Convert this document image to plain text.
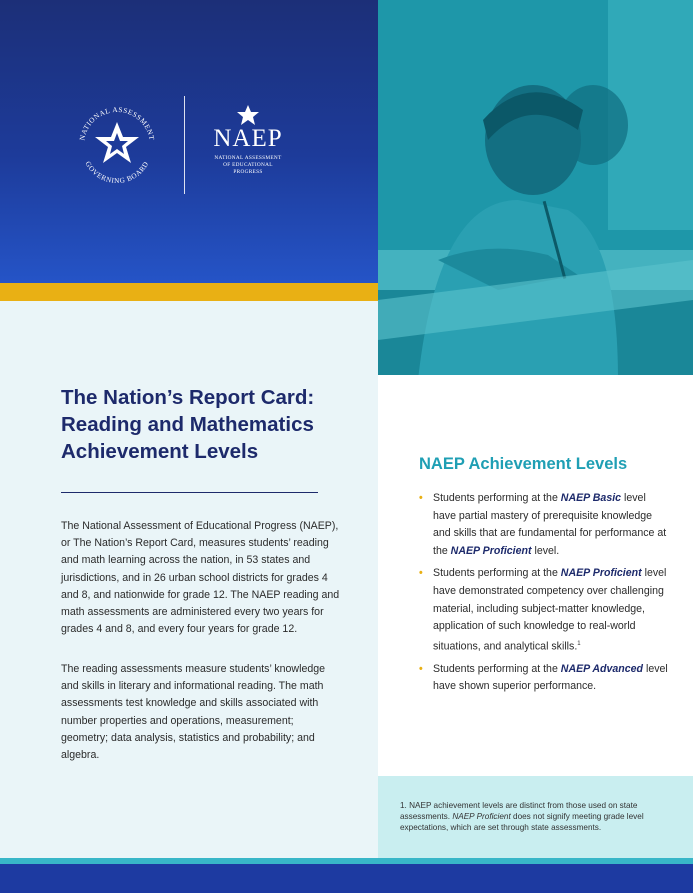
NATIONAL ASSESSMENT
GOVERNING BOARD
NAEP
NATIONAL ASSESSMENT
OF EDUCATIONAL
PROGRESS
The Nation’s Report Card:
Reading and Mathematics
Achievement Levels

The National Assessment of Educational Progress (NAEP), or The Nation’s Report Card, measures students’ reading and math learning across the nation, in 53 states and jurisdictions, and in 26 urban school districts for grades 4 and 8, and nationwide for grade 12. The NAEP reading and math assessments are administered every two years for grades 4 and 8, and every four years for grade 12.

The reading assessments measure students’ knowledge and skills in literary and informational reading. The math assessments test knowledge and skills associated with number properties and operations, measurement; geometry; data analysis, statistics and probability; and algebra.

NAEP Achievement Levels
• Students performing at the NAEP Basic level have partial mastery of prerequisite knowledge and skills that are fundamental for performance at the NAEP Proficient level.
• Students performing at the NAEP Proficient level have demonstrated competency over challenging material, including subject-matter knowledge, application of such knowledge to real-world situations, and analytical skills.$^1$
• Students performing at the NAEP Advanced level have shown superior performance.

1. NAEP achievement levels are distinct from those used on state assessments. NAEP Proficient does not signify meeting grade level expectations, which are set through state assessments.
